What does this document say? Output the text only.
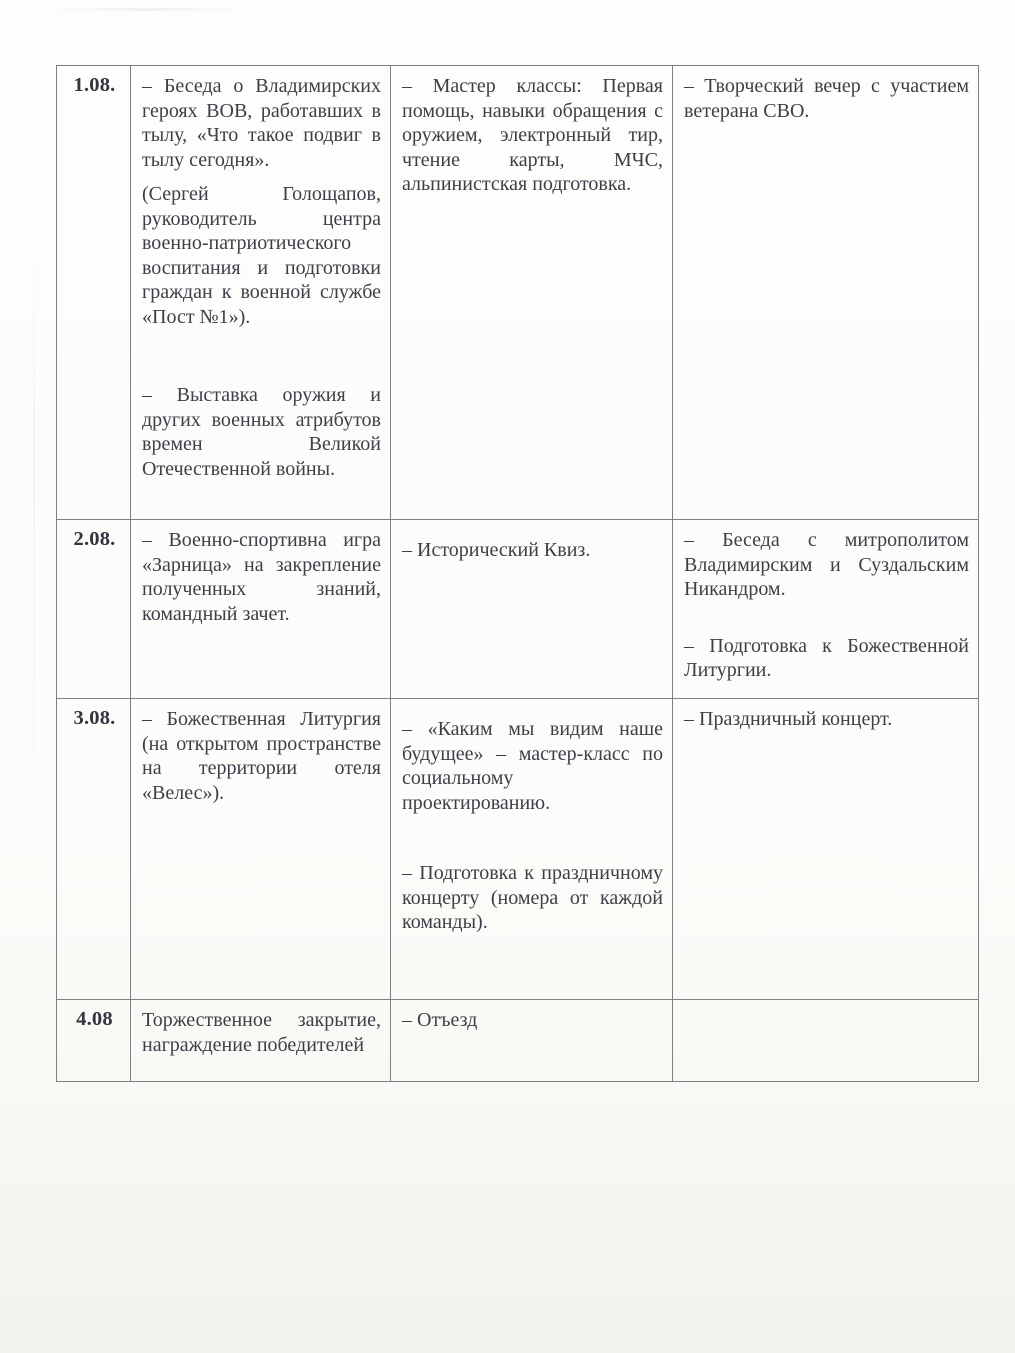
1.08.	– Беседа о Владимирских героях ВОВ, работавших в тылу, «Что такое подвиг в тылу сегодня».

(Сергей Голощапов, руководитель центра военно-патриотического воспитания и подготовки граждан к военной службе «Пост №1»).

– Выставка оружия и других военных атрибутов времен Великой Отечественной войны.	– Мастер классы: Первая помощь, навыки обращения с оружием, электронный тир, чтение карты, МЧС, альпинистская подготовка.	– Творческий вечер с участием ветерана СВО.

2.08.	– Военно-спортивна игра «Зарница» на закрепление полученных знаний, командный зачет.	– Исторический Квиз.	– Беседа с митрополитом Владимирским и Суздальским Никандром.

– Подготовка к Божественной Литургии.

3.08.	– Божественная Литургия (на открытом пространстве на территории отеля «Велес»).	– «Каким мы видим наше будущее» – мастер-класс по социальному проектированию.

– Подготовка к праздничному концерту (номера от каждой команды).	– Праздничный концерт.

4.08	Торжественное закрытие, награждение победителей	– Отъезд	
